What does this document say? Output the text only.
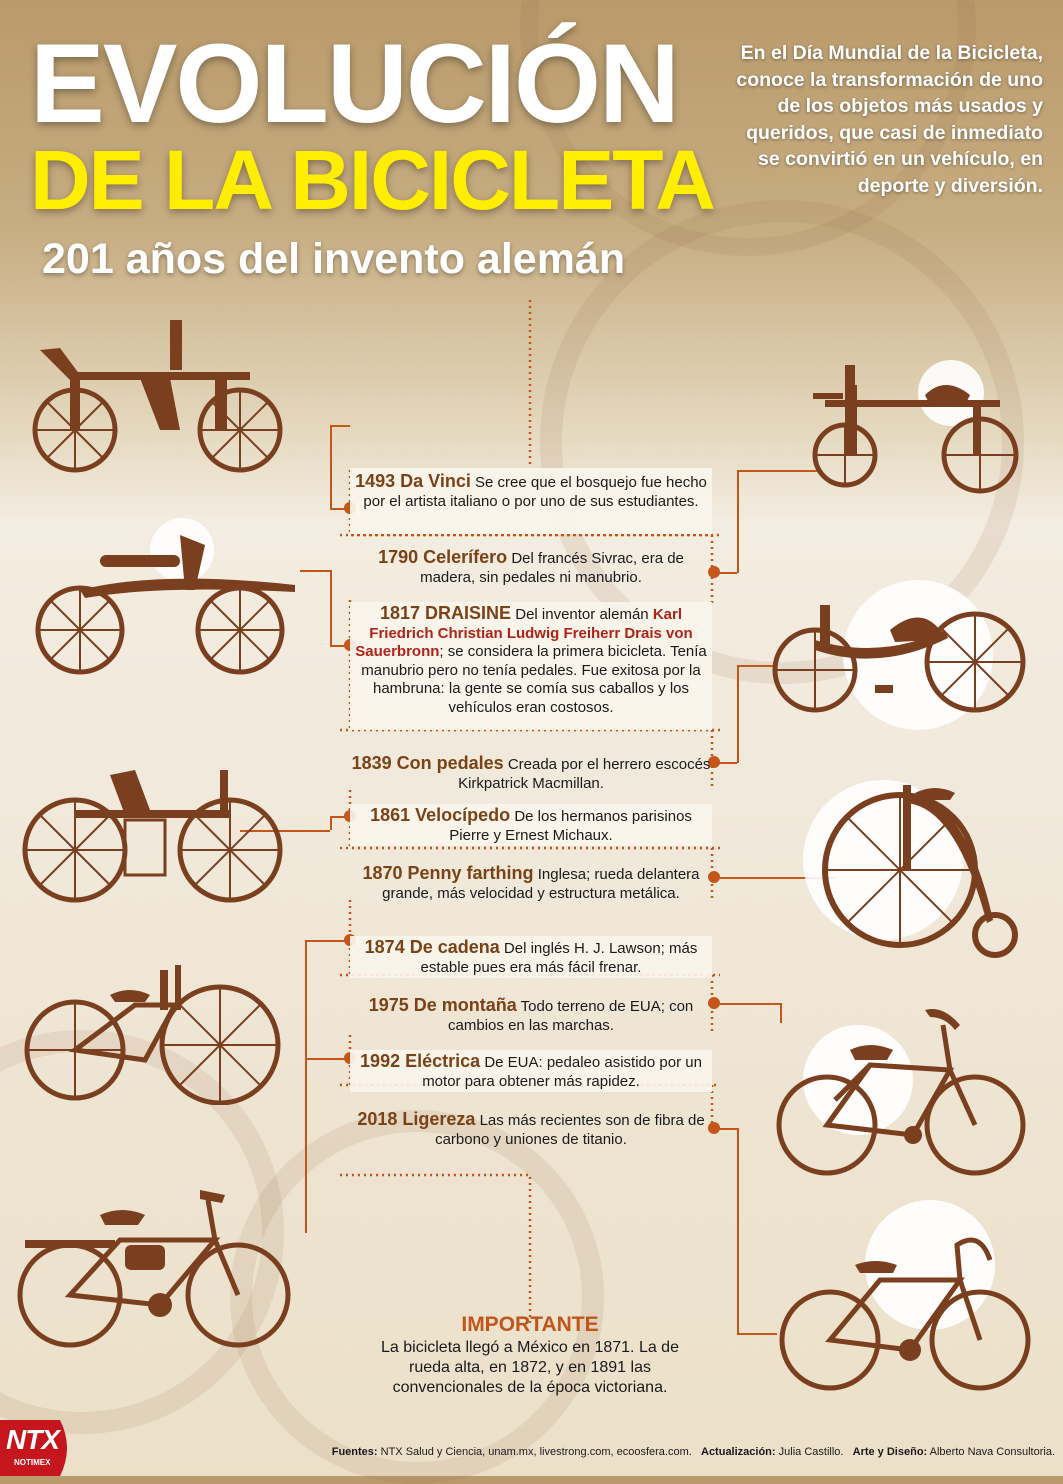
EVOLUCIÓN
DE LA BICICLETA
201 años del invento alemán
En el Día Mundial de la Bicicleta, conoce la transformación de uno de los objetos más usados y queridos, que casi de inmediato se convirtió en un vehículo, en deporte y diversión.
1493 Da Vinci Se cree que el bosquejo fue hecho por el artista italiano o por uno de sus estudiantes.
1790 Celerífero Del francés Sivrac, era de madera, sin pedales ni manubrio.
1817 DRAISINE Del inventor alemán Karl Friedrich Christian Ludwig Freiherr Drais von Sauerbronn; se considera la primera bicicleta. Tenía manubrio pero no tenía pedales. Fue exitosa por la hambruna: la gente se comía sus caballos y los vehículos eran costosos.
1839 Con pedales Creada por el herrero escocés Kirkpatrick Macmillan.
1861 Velocípedo De los hermanos parisinos Pierre y Ernest Michaux.
1870 Penny farthing Inglesa; rueda delantera grande, más velocidad y estructura metálica.
1874 De cadena Del inglés H. J. Lawson; más estable pues era más fácil frenar.
1975 De montaña Todo terreno de EUA; con cambios en las marchas.
1992 Eléctrica De EUA: pedaleo asistido por un motor para obtener más rapidez.
2018 Ligereza Las más recientes son de fibra de carbono y uniones de titanio.
IMPORTANTE
La bicicleta llegó a México en 1871. La de rueda alta, en 1872, y en 1891 las convencionales de la época victoriana.
NTX
NOTIMEX
Fuentes: NTX Salud y Ciencia, unam.mx, livestrong.com, ecoosfera.com. Actualización: Julia Castillo. Arte y Diseño: Alberto Nava Consultoria.
